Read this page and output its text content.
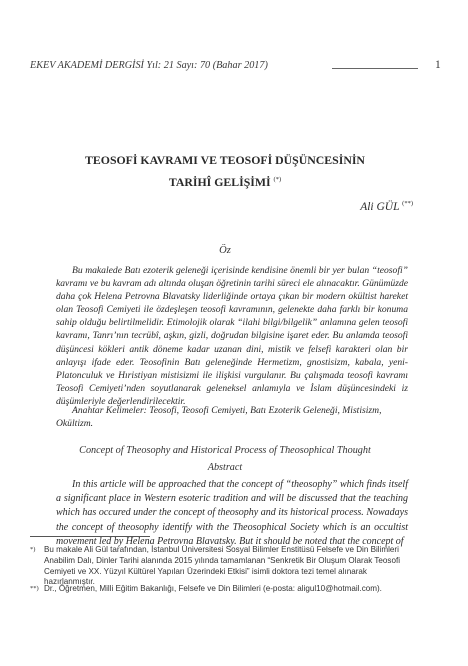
EKEV AKADEMİ DERGİSİ Yıl: 21 Sayı: 70 (Bahar 2017)	1
TEOSOFİ KAVRAMI VE TEOSOFİ DÜŞÜNCESİNİN
TARİHÎ GELİŞİMİ (*)
Ali GÜL (**)
Öz

Bu makalede Batı ezoterik geleneği içerisinde kendisine önemli bir yer bulan “teosofi” kavramı ve bu kavram adı altında oluşan öğretinin tarihi süreci ele alınacaktır. Günümüzde daha çok Helena Petrovna Blavatsky liderliğinde ortaya çıkan bir modern okültist hareket olan Teosofi Cemiyeti ile özdeşleşen teosofi kavramının, gelenekte daha farklı bir konuma sahip olduğu belirtilmelidir. Etimolojik olarak “ilahi bilgi/bilgelik” anlamına gelen teosofi kavramı, Tanrı’nın tecrübî, aşkın, gizli, doğrudan bilgisine işaret eder. Bu anlamda teosofi düşüncesi kökleri antik döneme kadar uzanan dini, mistik ve felsefi karakteri olan bir anlayışı ifade eder. Teosofinin Batı geleneğinde Hermetizm, gnostisizm, kabala, yeni-Platonculuk ve Hıristiyan mistisizmi ile ilişkisi vurgulanır. Bu çalışmada teosofi kavramı Teosofi Cemiyeti’nden soyutlanarak geleneksel anlamıyla ve İslam düşüncesindeki iz düşümleriyle değerlendirilecektir.

Anahtar Kelimeler: Teosofi, Teosofi Cemiyeti, Batı Ezoterik Geleneği, Mistisizm, Okültizm.
Concept of Theosophy and Historical Process of Theosophical Thought
Abstract
In this article will be approached that the concept of “theosophy” which finds itself a significant place in Western esoteric tradition and will be discussed that the teaching which has occured under the concept of theosophy and its historical process. Nowadays the concept of theosophy identify with the Theosophical Society which is an occultist movement led by Helena Petrovna Blavatsky. But it should be noted that the concept of
*) Bu makale Ali Gül tarafından, İstanbul Üniversitesi Sosyal Bilimler Enstitüsü Felsefe ve Din Bilimleri Anabilim Dalı, Dinler Tarihi alanında 2015 yılında tamamlanan “Senkretik Bir Oluşum Olarak Teosofi Cemiyeti ve XX. Yüzyıl Kültürel Yapıları Üzerindeki Etkisi” isimli doktora tezi temel alınarak hazırlanmıştır.
**) Dr., Öğretmen, Milli Eğitim Bakanlığı, Felsefe ve Din Bilimleri (e-posta: aligul10@hotmail.com).
